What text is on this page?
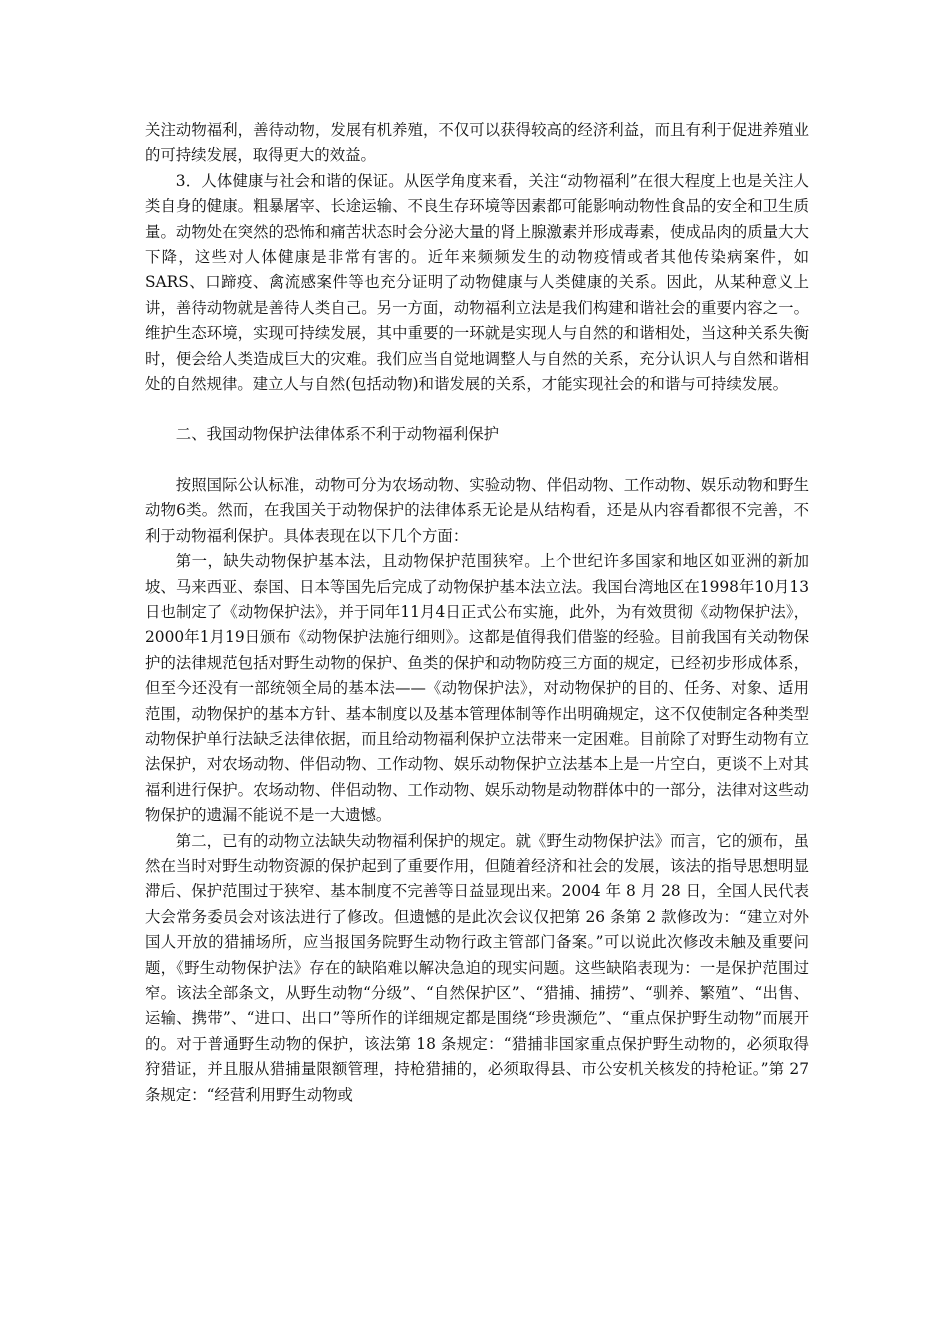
关注动物福利，善待动物，发展有机养殖，不仅可以获得较高的经济利益，而且有利于促进养殖业的可持续发展，取得更大的效益。

3．人体健康与社会和谐的保证。从医学角度来看，关注“动物福利”在很大程度上也是关注人类自身的健康。粗暴屠宰、长途运输、不良生存环境等因素都可能影响动物性食品的安全和卫生质量。动物处在突然的恐怖和痛苦状态时会分泌大量的肾上腺激素并形成毒素，使成品肉的质量大大下降，这些对人体健康是非常有害的。近年来频频发生的动物疫情或者其他传染病案件，如 SARS、口蹄疫、禽流感案件等也充分证明了动物健康与人类健康的关系。因此，从某种意义上讲，善待动物就是善待人类自己。另一方面，动物福利立法是我们构建和谐社会的重要内容之一。维护生态环境，实现可持续发展，其中重要的一环就是实现人与自然的和谐相处，当这种关系失衡时，便会给人类造成巨大的灾难。我们应当自觉地调整人与自然的关系，充分认识人与自然和谐相处的自然规律。建立人与自然(包括动物)和谐发展的关系，才能实现社会的和谐与可持续发展。

二、我国动物保护法律体系不利于动物福利保护

按照国际公认标准，动物可分为农场动物、实验动物、伴侣动物、工作动物、娱乐动物和野生动物6类。然而，在我国关于动物保护的法律体系无论是从结构看，还是从内容看都很不完善，不利于动物福利保护。具体表现在以下几个方面：

第一，缺失动物保护基本法，且动物保护范围狭窄。上个世纪许多国家和地区如亚洲的新加坡、马来西亚、泰国、日本等国先后完成了动物保护基本法立法。我国台湾地区在1998年10月13日也制定了《动物保护法》，并于同年11月4日正式公布实施，此外，为有效贯彻《动物保护法》，2000年1月19日颁布《动物保护法施行细则》。这都是值得我们借鉴的经验。目前我国有关动物保护的法律规范包括对野生动物的保护、鱼类的保护和动物防疫三方面的规定，已经初步形成体系，但至今还没有一部统领全局的基本法——《动物保护法》，对动物保护的目的、任务、对象、适用范围，动物保护的基本方针、基本制度以及基本管理体制等作出明确规定，这不仅使制定各种类型动物保护单行法缺乏法律依据，而且给动物福利保护立法带来一定困难。目前除了对野生动物有立法保护，对农场动物、伴侣动物、工作动物、娱乐动物保护立法基本上是一片空白，更谈不上对其福利进行保护。农场动物、伴侣动物、工作动物、娱乐动物是动物群体中的一部分，法律对这些动物保护的遗漏不能说不是一大遗憾。

第二，已有的动物立法缺失动物福利保护的规定。就《野生动物保护法》而言，它的颁布，虽然在当时对野生动物资源的保护起到了重要作用，但随着经济和社会的发展，该法的指导思想明显滞后、保护范围过于狭窄、基本制度不完善等日益显现出来。2004 年 8 月 28 日，全国人民代表大会常务委员会对该法进行了修改。但遗憾的是此次会议仅把第 26 条第 2 款修改为：“建立对外国人开放的猎捕场所，应当报国务院野生动物行政主管部门备案。”可以说此次修改未触及重要问题，《野生动物保护法》存在的缺陷难以解决急迫的现实问题。这些缺陷表现为：一是保护范围过窄。该法全部条文，从野生动物“分级”、“自然保护区”、“猎捕、捕捞”、“驯养、繁殖”、“出售、运输、携带”、“进口、出口”等所作的详细规定都是围绕“珍贵濒危”、“重点保护野生动物”而展开的。对于普通野生动物的保护，该法第 18 条规定：“猎捕非国家重点保护野生动物的，必须取得狩猎证，并且服从猎捕量限额管理，持枪猎捕的，必须取得县、市公安机关核发的持枪证。”第 27 条规定：“经营利用野生动物或
